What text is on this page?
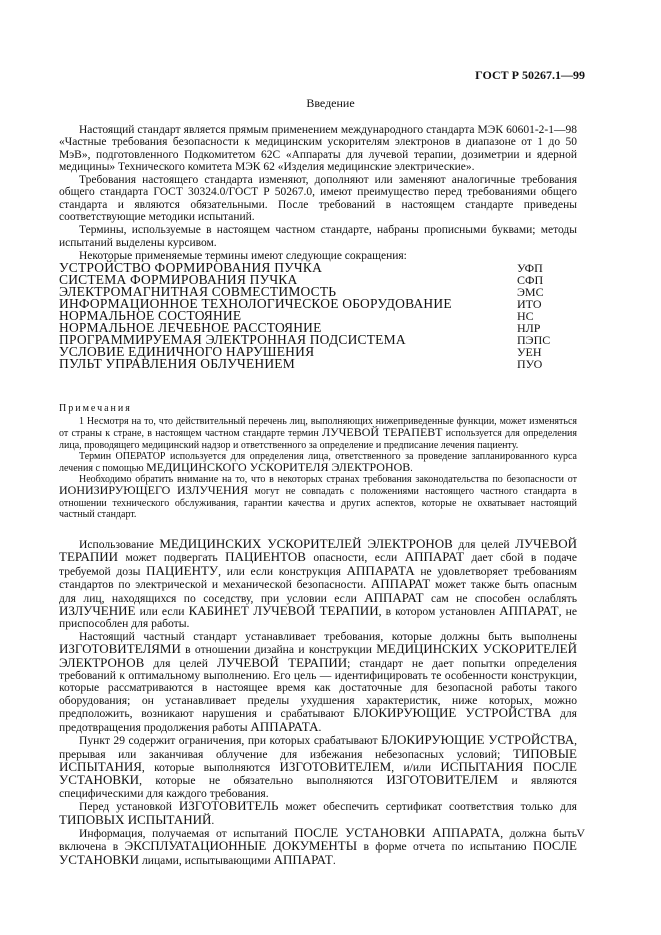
ГОСТ Р 50267.1—99
Введение

Настоящий стандарт является прямым применением международного стандарта МЭК 60601-2-1—98 «Частные требования безопасности к медицинским ускорителям электронов в диапазоне от 1 до 50 МэВ», подготовленного Подкомитетом 62С «Аппараты для лучевой терапии, дозиметрии и ядерной медицины» Технического комитета МЭК 62 «Изделия медицинские электрические».

Требования настоящего стандарта изменяют, дополняют или заменяют аналогичные требования общего стандарта ГОСТ 30324.0/ГОСТ Р 50267.0, имеют преимущество перед требованиями общего стандарта и являются обязательными. После требований в настоящем стандарте приведены соответствующие методики испытаний.

Термины, используемые в настоящем частном стандарте, набраны прописными буквами; методы испытаний выделены курсивом.

Некоторые применяемые термины имеют следующие сокращения:

УСТРОЙСТВО ФОРМИРОВАНИЯ ПУЧКА	УФП
СИСТЕМА ФОРМИРОВАНИЯ ПУЧКА	СФП
ЭЛЕКТРОМАГНИТНАЯ СОВМЕСТИМОСТЬ	ЭМС
ИНФОРМАЦИОННОЕ ТЕХНОЛОГИЧЕСКОЕ ОБОРУДОВАНИЕ	ИТО
НОРМАЛЬНОЕ СОСТОЯНИЕ	НС
НОРМАЛЬНОЕ ЛЕЧЕБНОЕ РАССТОЯНИЕ	НЛР
ПРОГРАММИРУЕМАЯ ЭЛЕКТРОННАЯ ПОДСИСТЕМА	ПЭПС
УСЛОВИЕ ЕДИНИЧНОГО НАРУШЕНИЯ	УЕН
ПУЛЬТ УПРАВЛЕНИЯ ОБЛУЧЕНИЕМ	ПУО
Примечания

1 Несмотря на то, что действительный перечень лиц, выполняющих нижеприведенные функции, может изменяться от страны к стране, в настоящем частном стандарте термин ЛУЧЕВОЙ ТЕРАПЕВТ используется для определения лица, проводящего медицинский надзор и ответственного за определение и предписание лечения пациенту.

Термин ОПЕРАТОР используется для определения лица, ответственного за проведение запланированного курса лечения с помощью МЕДИЦИНСКОГО УСКОРИТЕЛЯ ЭЛЕКТРОНОВ.

Необходимо обратить внимание на то, что в некоторых странах требования законодательства по безопасности от ИОНИЗИРУЮЩЕГО ИЗЛУЧЕНИЯ могут не совпадать с положениями настоящего частного стандарта в отношении технического обслуживания, гарантии качества и других аспектов, которые не охватывает настоящий частный стандарт.

Использование МЕДИЦИНСКИХ УСКОРИТЕЛЕЙ ЭЛЕКТРОНОВ для целей ЛУЧЕВОЙ ТЕРАПИИ может подвергать ПАЦИЕНТОВ опасности, если АППАРАТ дает сбой в подаче требуемой дозы ПАЦИЕНТУ, или если конструкция АППАРАТА не удовлетворяет требованиям стандартов по электрической и механической безопасности. АППАРАТ может также быть опасным для лиц, находящихся по соседству, при условии если АППАРАТ сам не способен ослаблять ИЗЛУЧЕНИЕ или если КАБИНЕТ ЛУЧЕВОЙ ТЕРАПИИ, в котором установлен АППАРАТ, не приспособлен для работы.

Настоящий частный стандарт устанавливает требования, которые должны быть выполнены ИЗГОТОВИТЕЛЯМИ в отношении дизайна и конструкции МЕДИЦИНСКИХ УСКОРИТЕЛЕЙ ЭЛЕКТРОНОВ для целей ЛУЧЕВОЙ ТЕРАПИИ; стандарт не дает попытки определения требований к оптимальному выполнению. Его цель — идентифицировать те особенности конструкции, которые рассматриваются в настоящее время как достаточные для безопасной работы такого оборудования; он устанавливает пределы ухудшения характеристик, ниже которых, можно предположить, возникают нарушения и срабатывают БЛОКИРУЮЩИЕ УСТРОЙСТВА для предотвращения продолжения работы АППАРАТА.

Пункт 29 содержит ограничения, при которых срабатывают БЛОКИРУЮЩИЕ УСТРОЙСТВА, прерывая или заканчивая облучение для избежания небезопасных условий; ТИПОВЫЕ ИСПЫТАНИЯ, которые выполняются ИЗГОТОВИТЕЛЕМ, и/или ИСПЫТАНИЯ ПОСЛЕ УСТАНОВКИ, которые не обязательно выполняются ИЗГОТОВИТЕЛЕМ и являются специфическими для каждого требования.

Перед установкой ИЗГОТОВИТЕЛЬ может обеспечить сертификат соответствия только для ТИПОВЫХ ИСПЫТАНИЙ.

Информация, получаемая от испытаний ПОСЛЕ УСТАНОВКИ АППАРАТА, должна быть включена в ЭКСПЛУАТАЦИОННЫЕ ДОКУМЕНТЫ в форме отчета по испытанию ПОСЛЕ УСТАНОВКИ лицами, испытывающими АППАРАТ.

V
